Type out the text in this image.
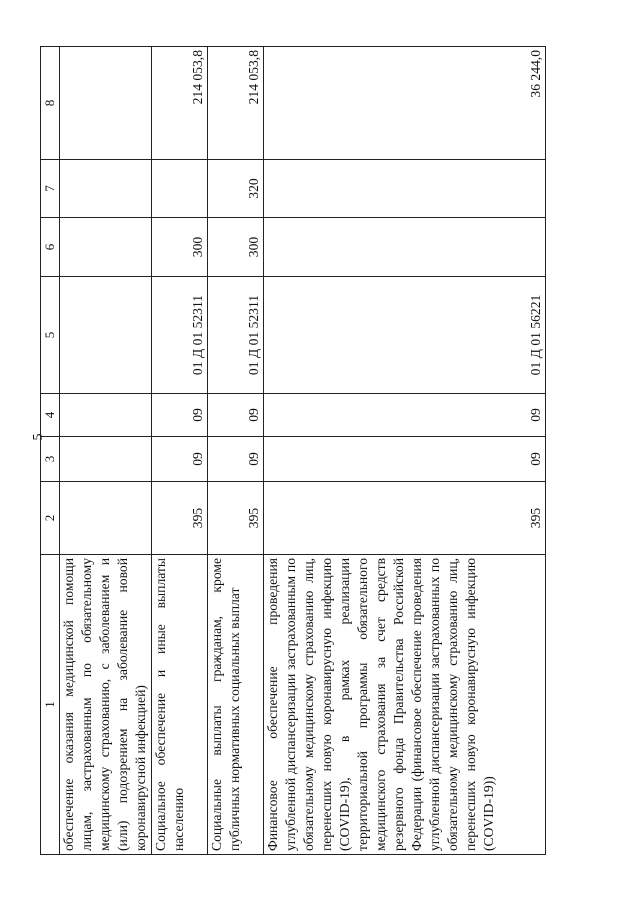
5
1	2	3	4	5	6	7	8
обеспечение оказания медицинской помощи лицам, застрахованным по обязательному медицинскому страхованию, с заболеванием и (или) подозрением на заболевание новой коронавирусной инфекцией)							
Социальное обеспечение и иные выплаты населению	395	09	09	01 Д 01 52311	300		214 053,8
Социальные выплаты гражданам, кроме публичных нормативных социальных выплат	395	09	09	01 Д 01 52311	300	320	214 053,8
Финансовое обеспечение проведения углубленной диспансеризации застрахованным по обязательному медицинскому страхованию лиц, перенесших новую коронавирусную инфекцию (COVID-19), в рамках реализации территориальной программы обязательного медицинского страхования за счет средств резервного фонда Правительства Российской Федерации (финансовое обеспечение проведения углубленной диспансеризации застрахованных по обязательному медицинскому страхованию лиц, перенесших новую коронавирусную инфекцию (COVID-19))	395	09	09	01 Д 01 56221			36 244,0
